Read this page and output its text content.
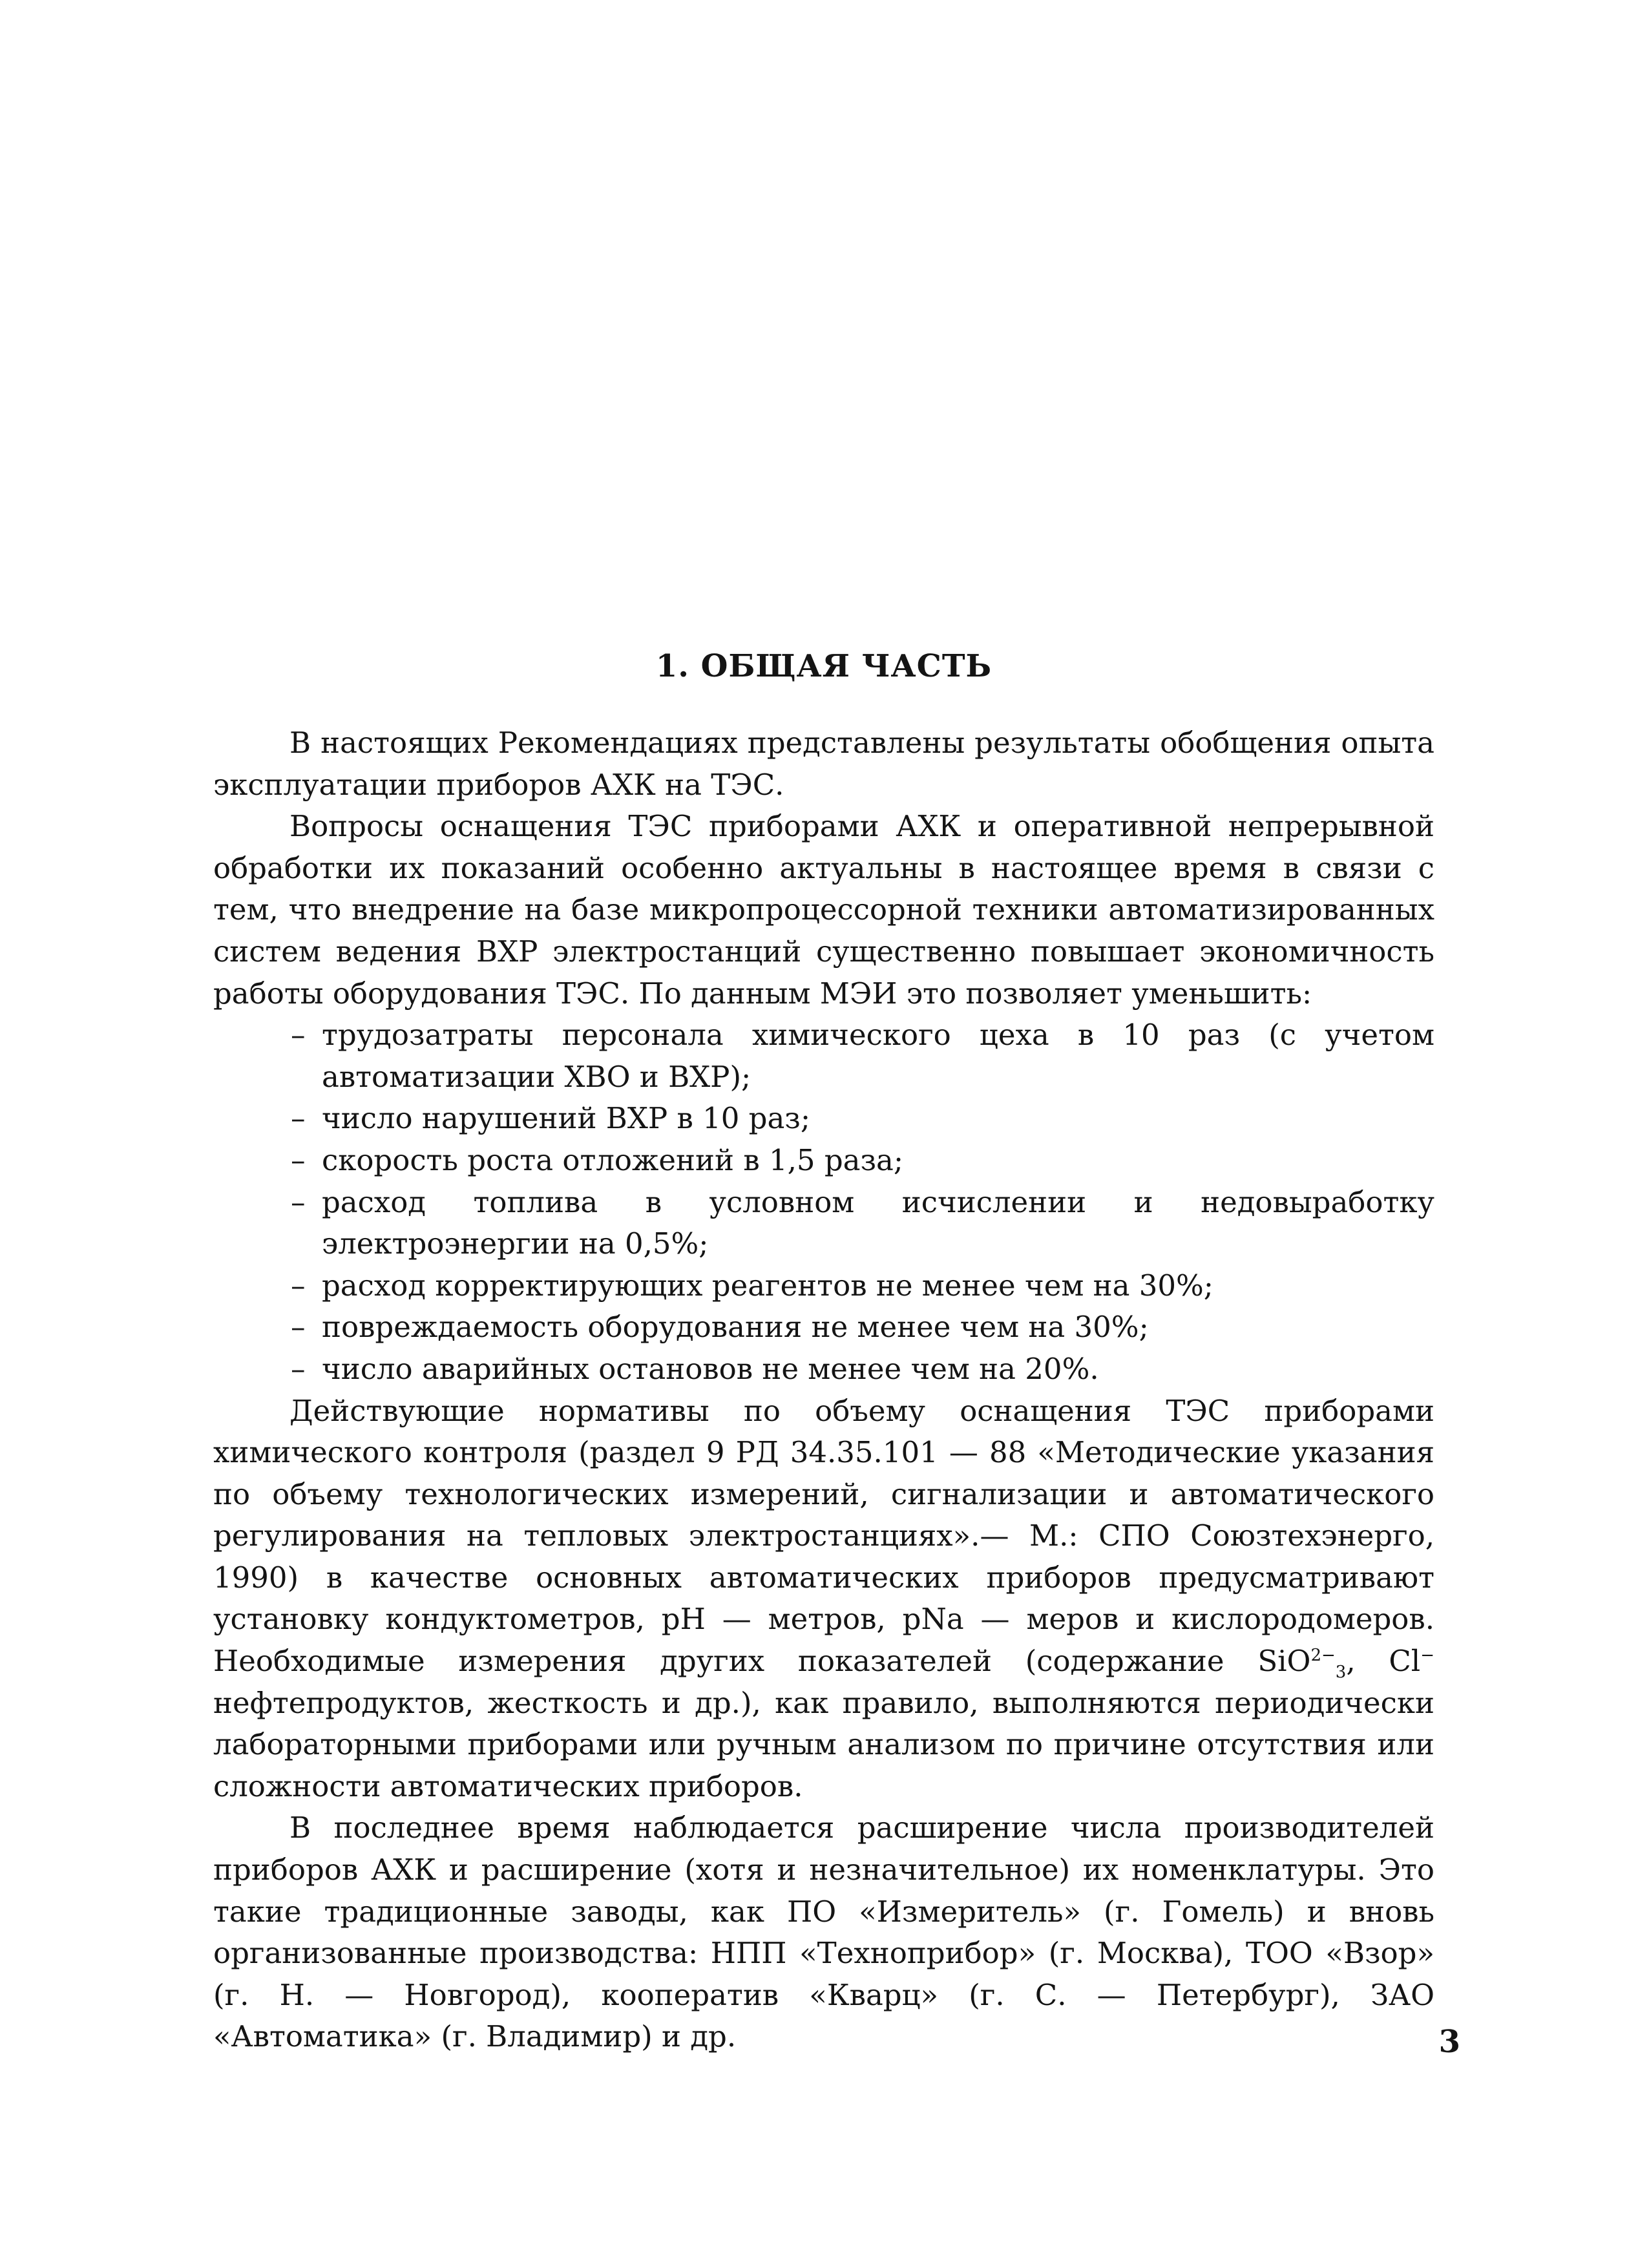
1. ОБЩАЯ ЧАСТЬ

В настоящих Рекомендациях представлены результаты обобщения опыта эксплуатации приборов АХК на ТЭС.

Вопросы оснащения ТЭС приборами АХК и оперативной непрерывной обработки их показаний особенно актуальны в настоящее время в связи с тем, что внедрение на базе микропроцессорной техники автоматизированных систем ведения ВХР электростанций существенно повышает экономичность работы оборудования ТЭС. По данным МЭИ это позволяет уменьшить:

– трудозатраты персонала химического цеха в 10 раз (с учетом автоматизации ХВО и ВХР);
– число нарушений ВХР в 10 раз;
– скорость роста отложений в 1,5 раза;
– расход топлива в условном исчислении и недовыработку электроэнергии на 0,5%;
– расход корректирующих реагентов не менее чем на 30%;
– повреждаемость оборудования не менее чем на 30%;
– число аварийных остановов не менее чем на 20%.

Действующие нормативы по объему оснащения ТЭС приборами химического контроля (раздел 9 РД 34.35.101 — 88 «Методические указания по объему технологических измерений, сигнализации и автоматического регулирования на тепловых электростанциях».— М.: СПО Союзтехэнерго, 1990) в качестве основных автоматических приборов предусматривают установку кондуктометров, рН — метров, pNa — меров и кислородомеров. Необходимые измерения других показателей (содержание SiO$^{2-}_3$, Cl− нефтепродуктов, жесткость и др.), как правило, выполняются периодически лабораторными приборами или ручным анализом по причине отсутствия или сложности автоматических приборов.

В последнее время наблюдается расширение числа производителей приборов АХК и расширение (хотя и незначительное) их номенклатуры. Это такие традиционные заводы, как ПО «Измеритель» (г. Гомель) и вновь организованные производства: НПП «Техноприбор» (г. Москва), ТОО «Взор» (г. Н. — Новгород), кооператив «Кварц» (г. С. — Петербург), ЗАО «Автоматика» (г. Владимир) и др.	3
